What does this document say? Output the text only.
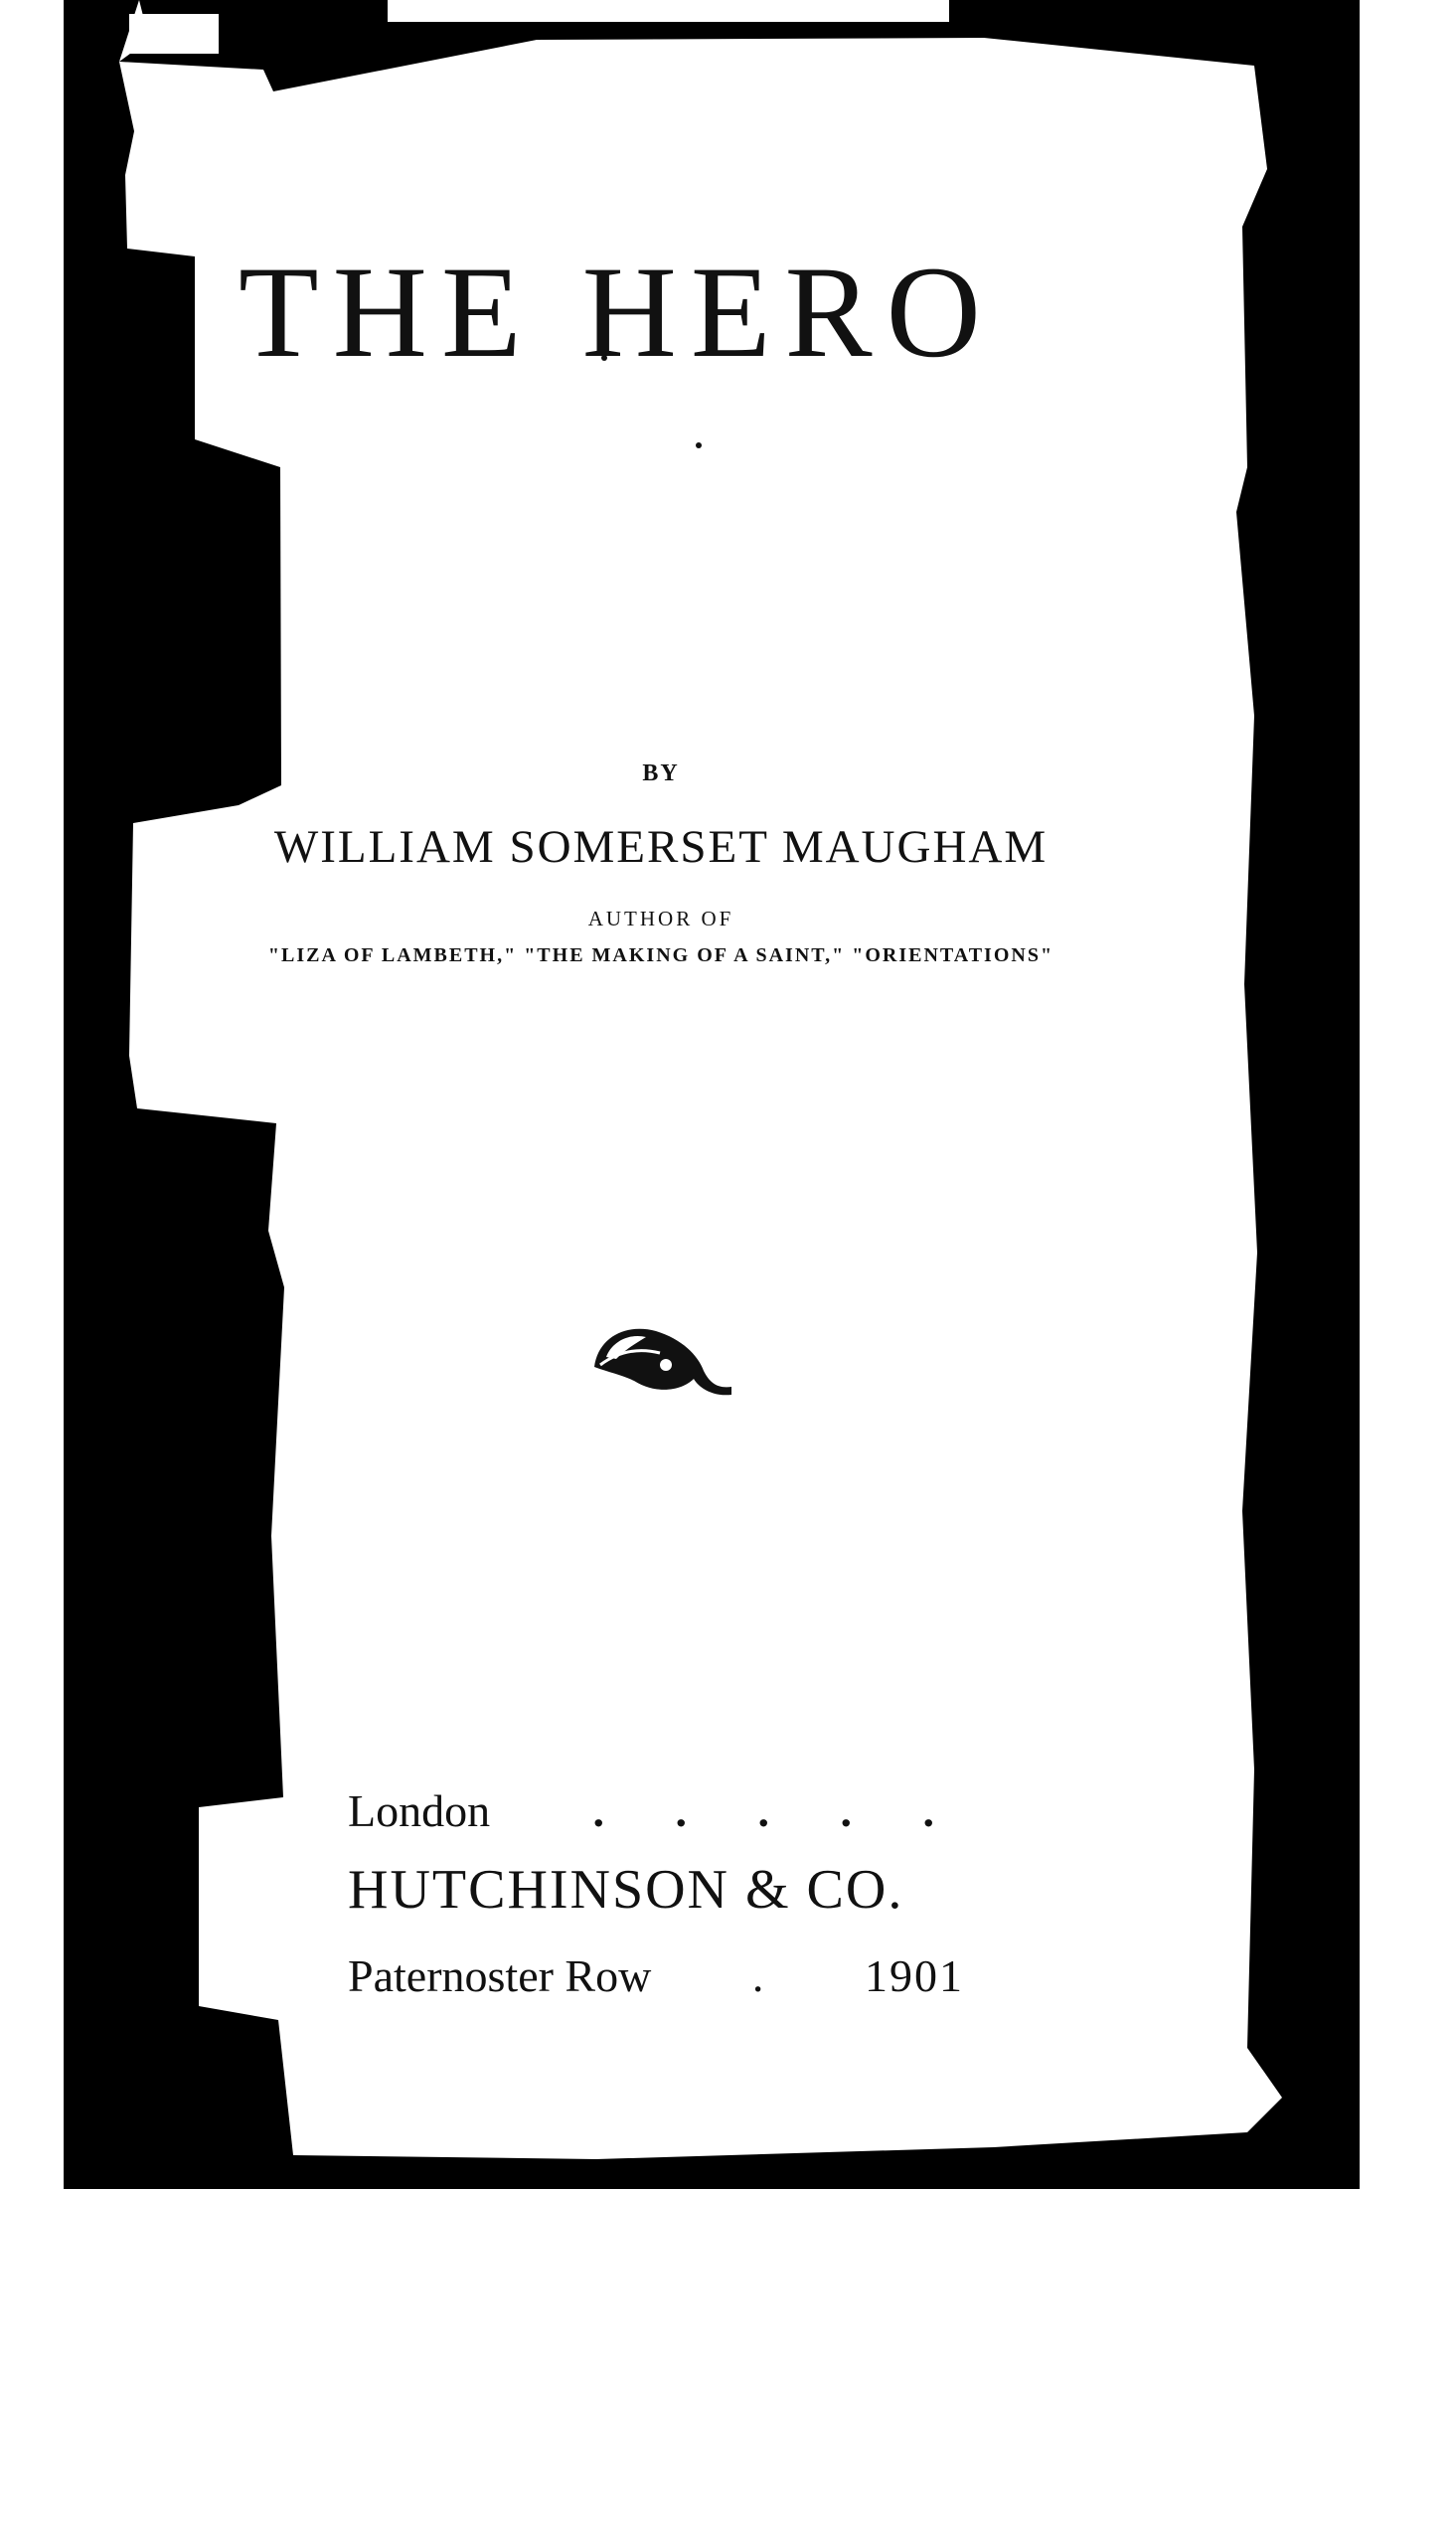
THE HERO
BY
WILLIAM SOMERSET MAUGHAM
AUTHOR OF
"LIZA OF LAMBETH," "THE MAKING OF A SAINT," "ORIENTATIONS"
London . . . . .
HUTCHINSON & CO.
Paternoster Row . 1901
